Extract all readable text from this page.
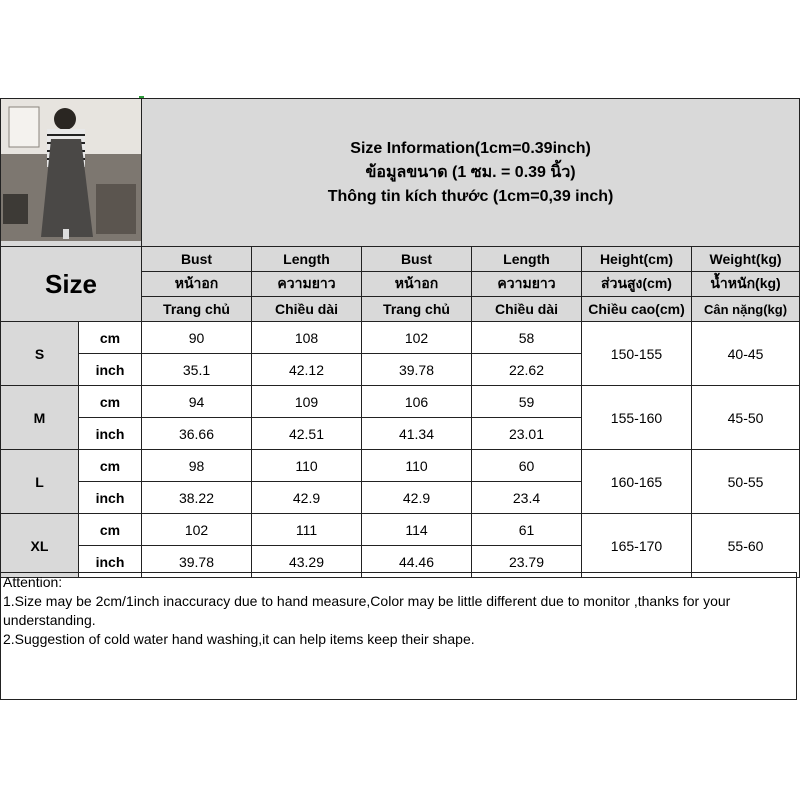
Size Information(1cm=0.39inch)
ข้อมูลขนาด (1 ซม. = 0.39 นิ้ว)
Thông tin kích thước (1cm=0,39 inch)					

Size		Bust	Length	Bust	Length	Height(cm)	Weight(kg)
		หน้าอก	ความยาว	หน้าอก	ความยาว	ส่วนสูง(cm)	น้ำหนัก(kg)
		Trang chủ	Chiều dài	Trang chủ	Chiều dài	Chiều cao(cm)	Cân nặng(kg)
S	cm	90	108	102	58	150-155	40-45
	inch	35.1	42.12	39.78	22.62		
M	cm	94	109	106	59	155-160	45-50
	inch	36.66	42.51	41.34	23.01		
L	cm	98	110	110	60	160-165	50-55
	inch	38.22	42.9	42.9	23.4		
XL	cm	102	111	114	61	165-170	55-60
	inch	39.78	43.29	44.46	23.79		
Attention:
1.Size may be 2cm/1inch inaccuracy due to hand measure,Color may be little different due to monitor ,thanks for your understanding.
2.Suggestion of cold water hand washing,it can help items keep their shape.
